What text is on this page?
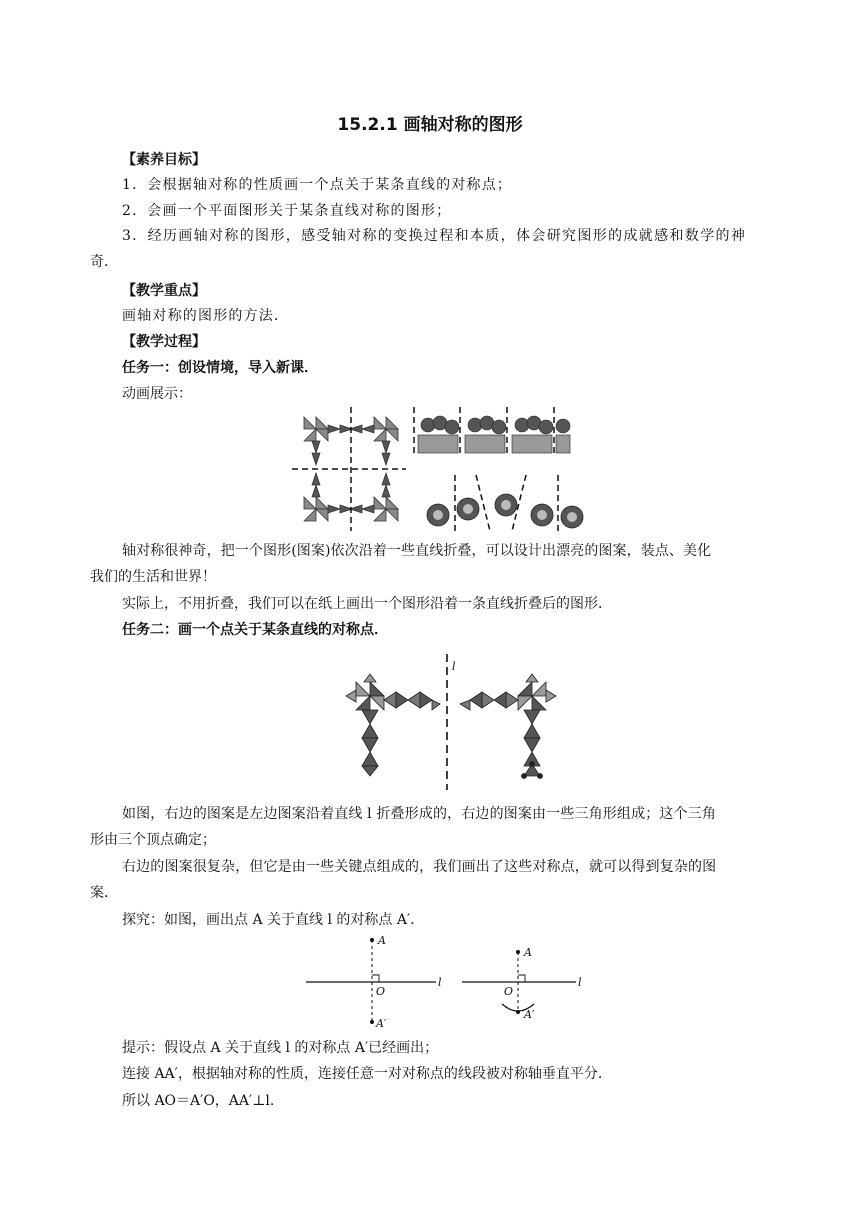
15.2.1 画轴对称的图形
【素养目标】
1．会根据轴对称的性质画一个点关于某条直线的对称点；
2．会画一个平面图形关于某条直线对称的图形；
3．经历画轴对称的图形，感受轴对称的变换过程和本质，体会研究图形的成就感和数学的神
奇．
【教学重点】
画轴对称的图形的方法．
【教学过程】
任务一：创设情境，导入新课．
动画展示：
轴对称很神奇，把一个图形(图案)依次沿着一些直线折叠，可以设计出漂亮的图案，装点、美化
我们的生活和世界！
实际上，不用折叠，我们可以在纸上画出一个图形沿着一条直线折叠后的图形．
任务二：画一个点关于某条直线的对称点．
l
如图，右边的图案是左边图案沿着直线 l 折叠形成的，右边的图案由一些三角形组成；这个三角
形由三个顶点确定；
右边的图案很复杂，但它是由一些关键点组成的，我们画出了这些对称点，就可以得到复杂的图
案．
探究：如图，画出点 A 关于直线 l 的对称点 A′.
A
O
A′
l
A
O
A′
l
提示：假设点 A 关于直线 l 的对称点 A′已经画出；
连接 AA′，根据轴对称的性质，连接任意一对对称点的线段被对称轴垂直平分．
所以 AO＝A′O，AA′⊥l.
